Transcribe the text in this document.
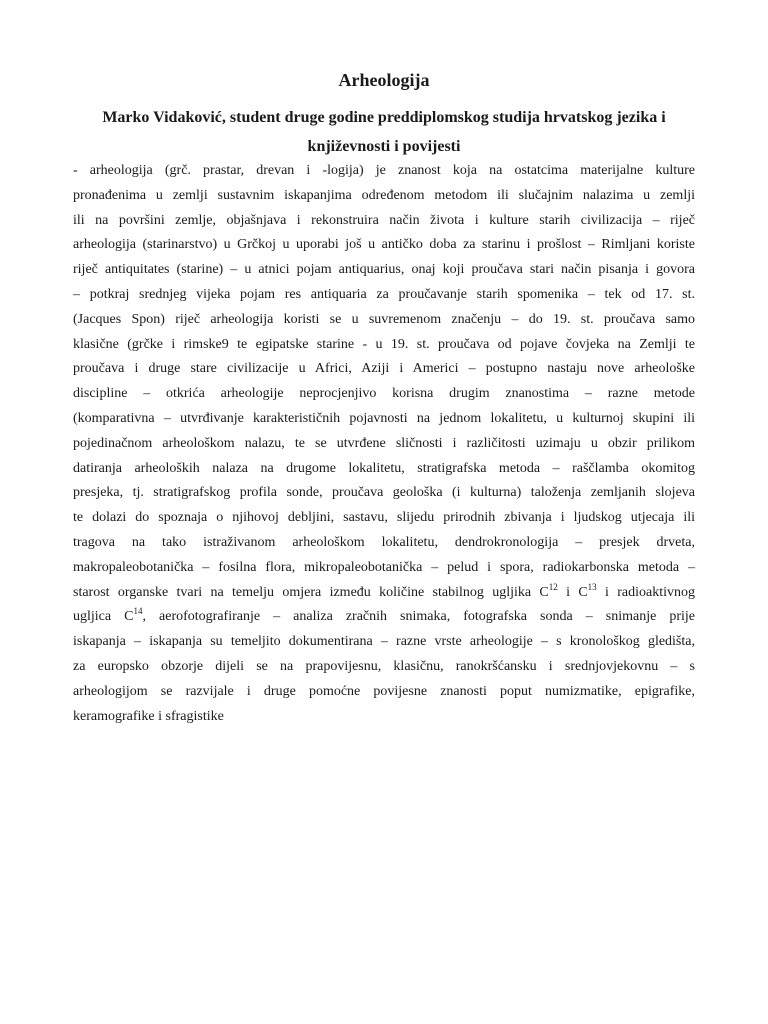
Arheologija
Marko Vidaković, student druge godine preddiplomskog studija hrvatskog jezika i književnosti i povijesti
- arheologija (grč. prastar, drevan i -logija) je znanost koja na ostatcima materijalne kulture
pronađenima u zemlji sustavnim iskapanjima određenom metodom ili slučajnim nalazima u zemlji
ili na površini zemlje, objašnjava i rekonstruira način života i kulture starih civilizacija – riječ
arheologija (starinarstvo) u Grčkoj u uporabi još u antičko doba za starinu i prošlost – Rimljani koriste
riječ antiquitates (starine) – u atnici pojam antiquarius, onaj koji proučava stari način pisanja i govora
– potkraj srednjeg vijeka pojam res antiquaria za proučavanje starih spomenika – tek od 17. st.
(Jacques Spon) riječ arheologija koristi se u suvremenom značenju – do 19. st. proučava samo
klasične (grčke i rimske9 te egipatske starine - u 19. st. proučava od pojave čovjeka na Zemlji te
proučava i druge stare civilizacije u Africi, Aziji i Americi – postupno nastaju nove arheološke
discipline – otkrića arheologije neprocjenjivo korisna drugim znanostima – razne metode
(komparativna – utvrđivanje karakterističnih pojavnosti na jednom lokalitetu, u kulturnoj skupini ili
pojedinačnom arheološkom nalazu, te se utvrđene sličnosti i različitosti uzimaju u obzir prilikom
datiranja arheoloških nalaza na drugome lokalitetu, stratigrafska metoda – raščlamba okomitog
presjeka, tj. stratigrafskog profila sonde, proučava geološka (i kulturna) taloženja zemljanih slojeva
te dolazi do spoznaja o njihovoj debljini, sastavu, slijedu prirodnih zbivanja i ljudskog utjecaja ili
tragova na tako istraživanom arheološkom lokalitetu, dendrokronologija – presjek drveta,
makropaleobotanička – fosilna flora, mikropaleobotanička – pelud i spora, radiokarbonska metoda –
starost organske tvari na temelju omjera između količine stabilnog ugljika $C^{12}$ i $C^{13}$ i radioaktivnog
ugljica $C^{14}$, aerofotografiranje – analiza zračnih snimaka, fotografska sonda – snimanje prije
iskapanja – iskapanja su temeljito dokumentirana – razne vrste arheologije – s kronološkog gledišta,
za europsko obzorje dijeli se na prapovijesnu, klasičnu, ranokršćansku i srednjovjekovnu – s
arheologijom se razvijale i druge pomoćne povijesne znanosti poput numizmatike, epigrafike,
keramografike i sfragistike
